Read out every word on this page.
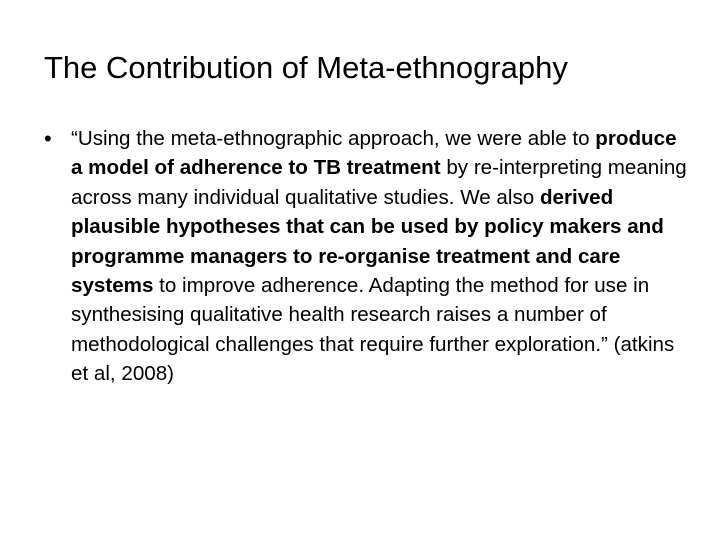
The Contribution of Meta-ethnography
• “Using the meta-ethnographic approach, we were able to produce a model of adherence to TB treatment by re-interpreting meaning across many individual qualitative studies. We also derived plausible hypotheses that can be used by policy makers and programme managers to re-organise treatment and care systems to improve adherence. Adapting the method for use in synthesising qualitative health research raises a number of methodological challenges that require further exploration.” (atkins et al, 2008)
